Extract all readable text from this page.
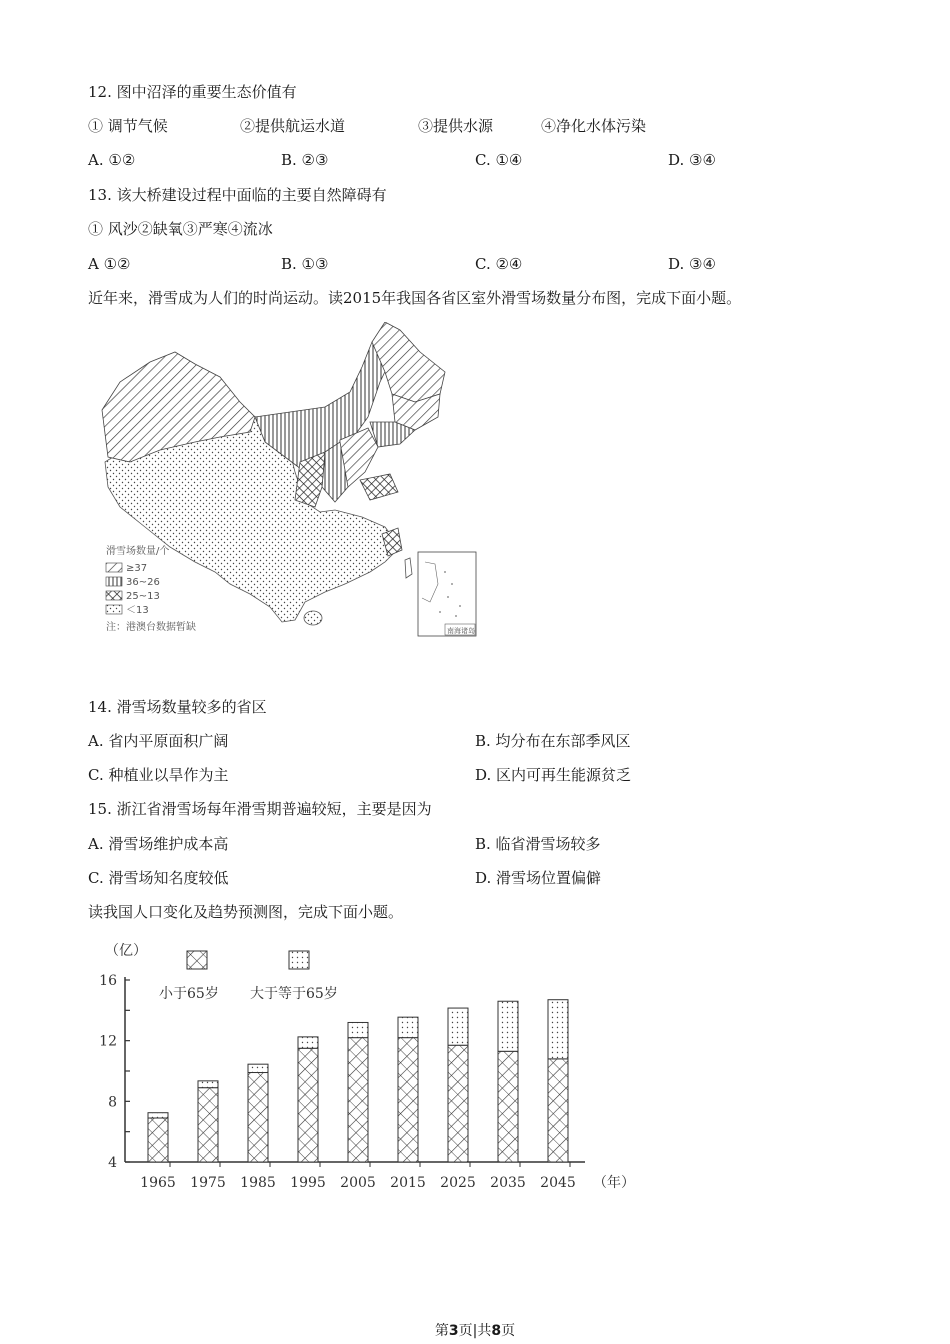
12. 图中沼泽的重要生态价值有
① 调节气候	②提供航运水道	③提供水源	④净化水体污染
A. ①②	B. ②③	C. ①④	D. ③④
13. 该大桥建设过程中面临的主要自然障碍有
① 风沙②缺氧③严寒④流冰
A ①②	B. ①③	C. ②④	D. ③④
近年来，滑雪成为人们的时尚运动。读2015年我国各省区室外滑雪场数量分布图，完成下面小题。
滑雪场数量/个
≥37
36~26
25~13
＜13
注：港澳台数据暂缺	南海诸岛
14. 滑雪场数量较多的省区
A. 省内平原面积广阔	B. 均分布在东部季风区
C. 种植业以旱作为主	D. 区内可再生能源贫乏
15. 浙江省滑雪场每年滑雪期普遍较短，主要是因为
A. 滑雪场维护成本高	B. 临省滑雪场较多
C. 滑雪场知名度较低	D. 滑雪场位置偏僻
读我国人口变化及趋势预测图，完成下面小题。
4
8
12
16
1965 1975 1985 1995 2005 2015 2025 2035 2045
（亿）
（年）
小于65岁 大于等于65岁
第3页|共8页
